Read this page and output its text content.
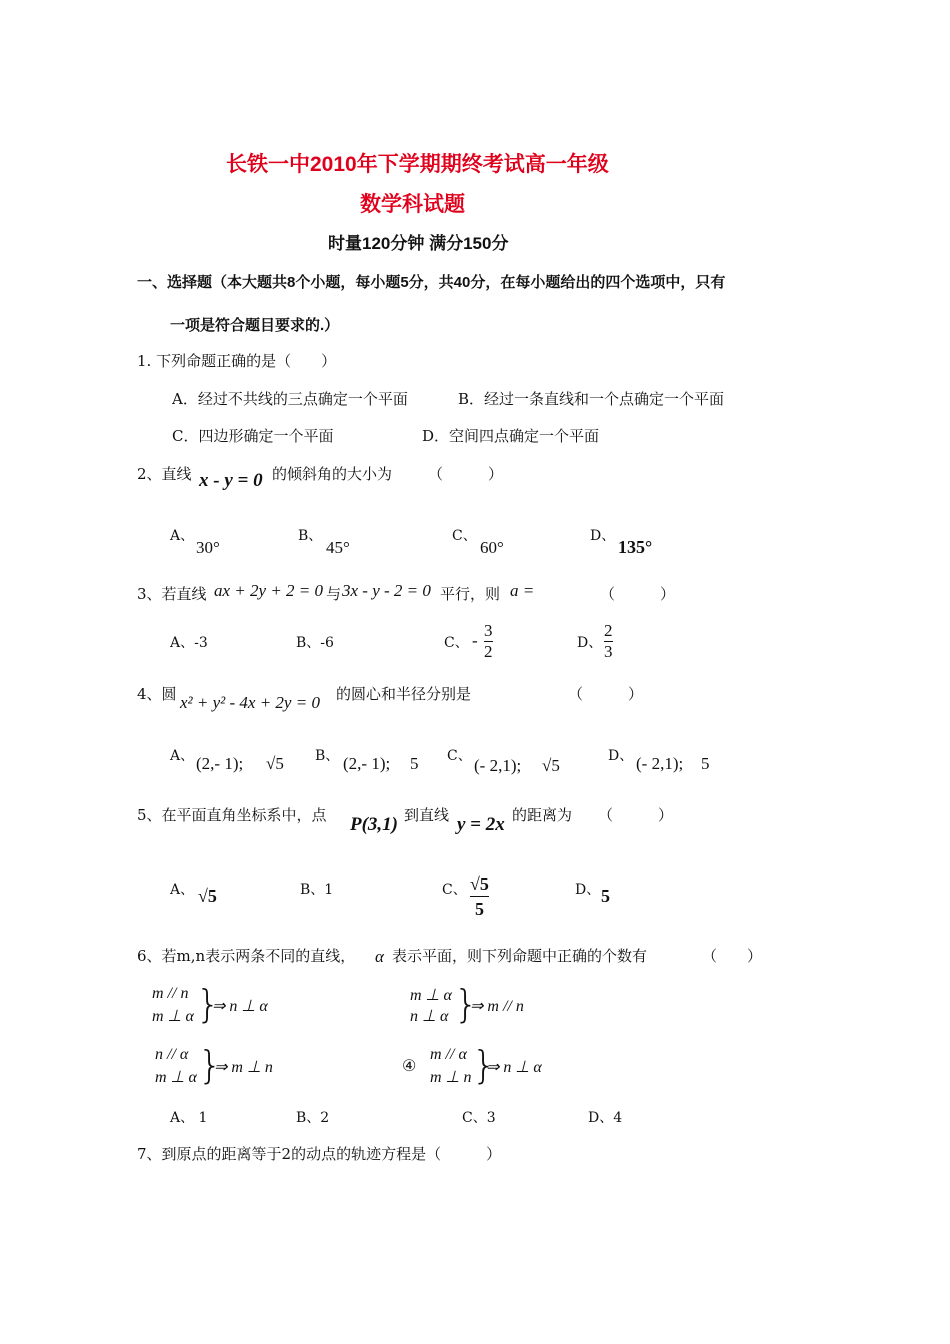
长铁一中2010年下学期期终考试高一年级
数学科试题
时量120分钟 满分150分
一、选择题（本大题共8个小题，每小题5分，共40分，在每小题给出的四个选项中，只有
一项是符合题目要求的.）
1. 下列命题正确的是（　　）
A．经过不共线的三点确定一个平面	B．经过一条直线和一个点确定一个平面
C．四边形确定一个平面	D．空间四点确定一个平面
2、直线 x - y = 0 的倾斜角的大小为 （　　　）
A、
30°
B、
45°
C、
60°
D、
135°
3、若直线 ax + 2y + 2 = 0 与 3x - y - 2 = 0 平行，则 a =	（　　　）
A、-3	B、-6	C、 - $\frac{3}{2}$	D、 $\frac{2}{3}$
4、圆 x² + y² - 4x + 2y = 0 的圆心和半径分别是	（　　　）
A、 (2,- 1); √5 B、 (2,- 1); 5 C、 (- 2,1); √5	D、 (- 2,1); 5
5、在平面直角坐标系中，点 P(3,1) 到直线 y = 2x 的距离为 （　　　）
A、 √5	B、1	C、 $\frac{√5}{5}$	D、 5
6、若m,n表示两条不同的直线， α 表示平面，则下列命题中正确的个数有	（　　）
m // n
m ⊥ α }
⇒ n ⊥ α
m ⊥ α
n ⊥ α }
⇒ m // n
n // α
m ⊥ α }
⇒ m ⊥ n	④
m // α
m ⊥ n }
⇒ n ⊥ α
A、 1	B、2	C、3	D、4
7、到原点的距离等于2的动点的轨迹方程是（　　　）
